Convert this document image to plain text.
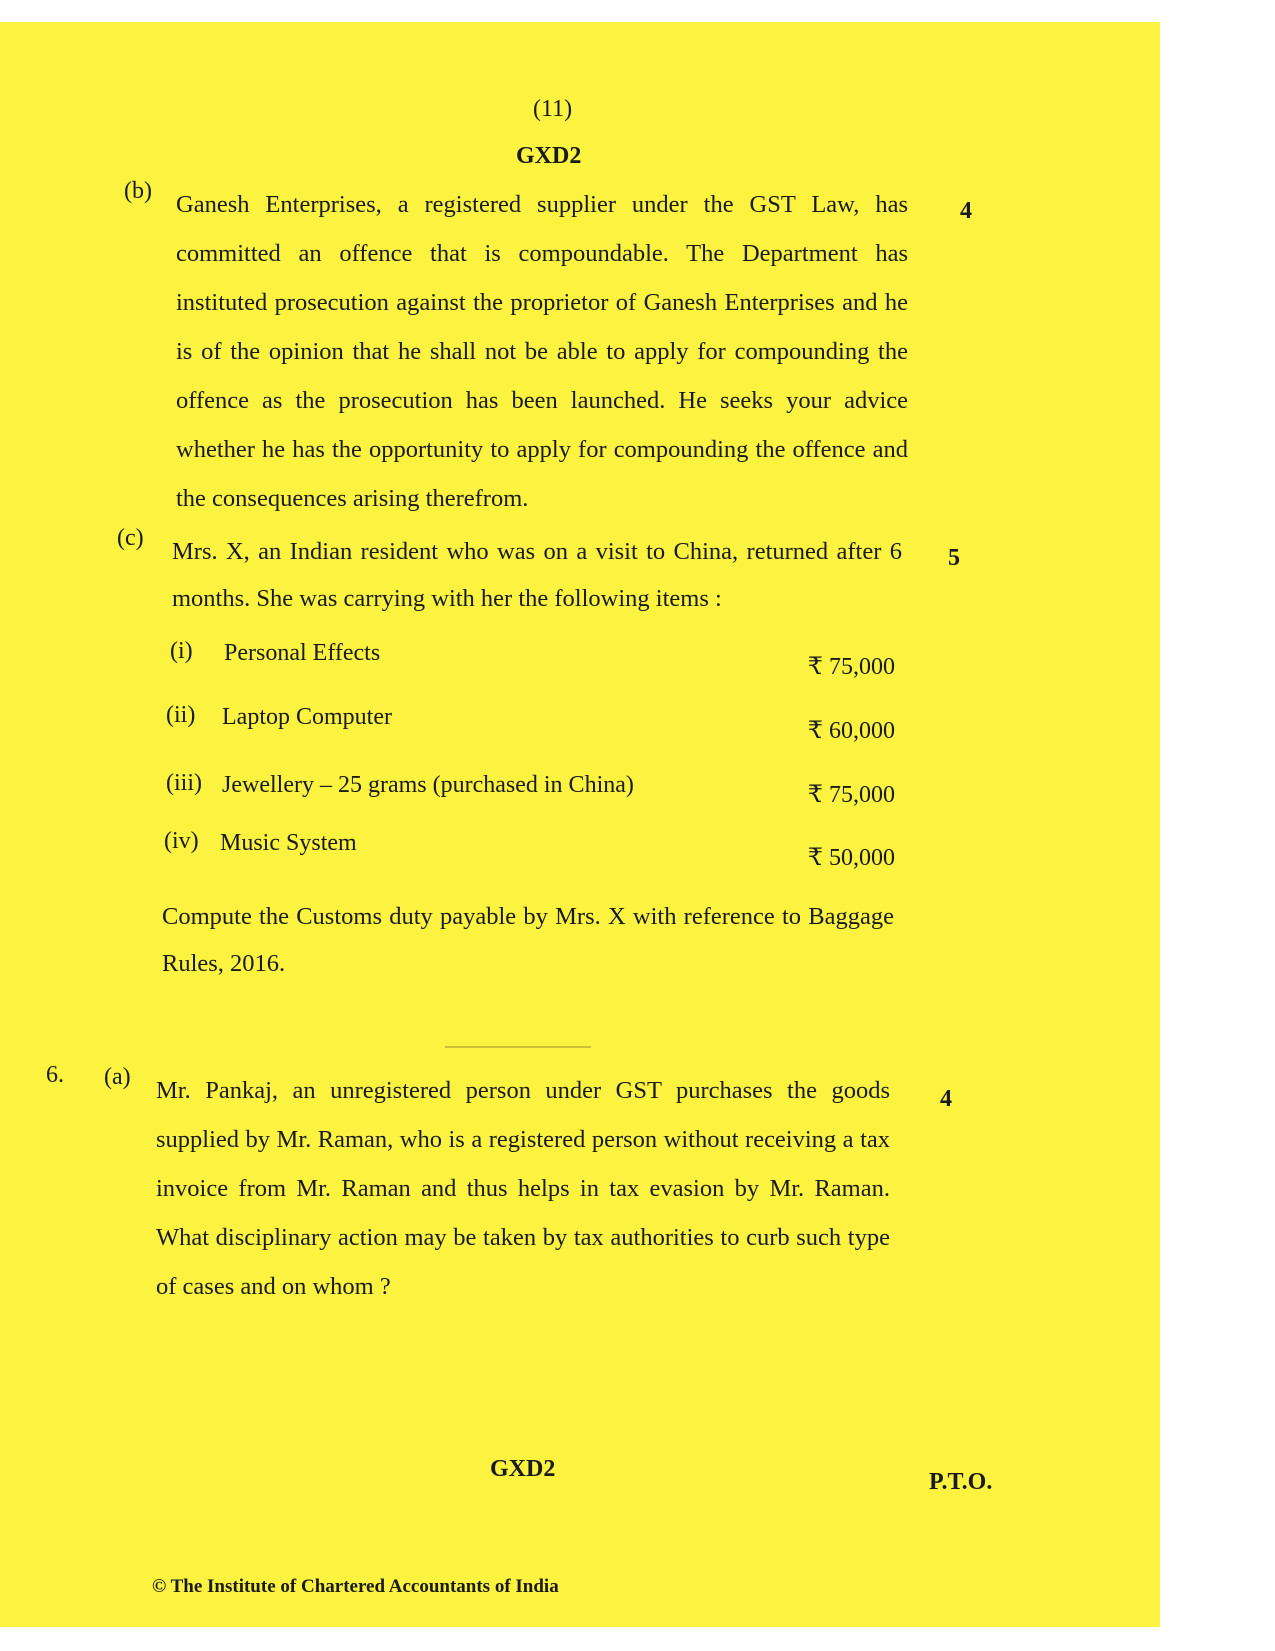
(11)
GXD2
(b) Ganesh Enterprises, a registered supplier under the GST Law, has committed an offence that is compoundable. The Department has instituted prosecution against the proprietor of Ganesh Enterprises and he is of the opinion that he shall not be able to apply for compounding the offence as the prosecution has been launched. He seeks your advice whether he has the opportunity to apply for compounding the offence and the consequences arising therefrom.

4
(c) Mrs. X, an Indian resident who was on a visit to China, returned after 6 months. She was carrying with her the following items :

5
(i) Personal Effects
₹ 75,000
(ii) Laptop Computer
₹ 60,000
(iii) Jewellery – 25 grams (purchased in China)	₹ 75,000
(iv) Music System
₹ 50,000

Compute the Customs duty payable by Mrs. X with reference to Baggage Rules, 2016.

6. (a) Mr. Pankaj, an unregistered person under GST purchases the goods supplied by Mr. Raman, who is a registered person without receiving a tax invoice from Mr. Raman and thus helps in tax evasion by Mr. Raman. What disciplinary action may be taken by tax authorities to curb such type of cases and on whom ?

4
GXD2	P.T.O.
© The Institute of Chartered Accountants of India
